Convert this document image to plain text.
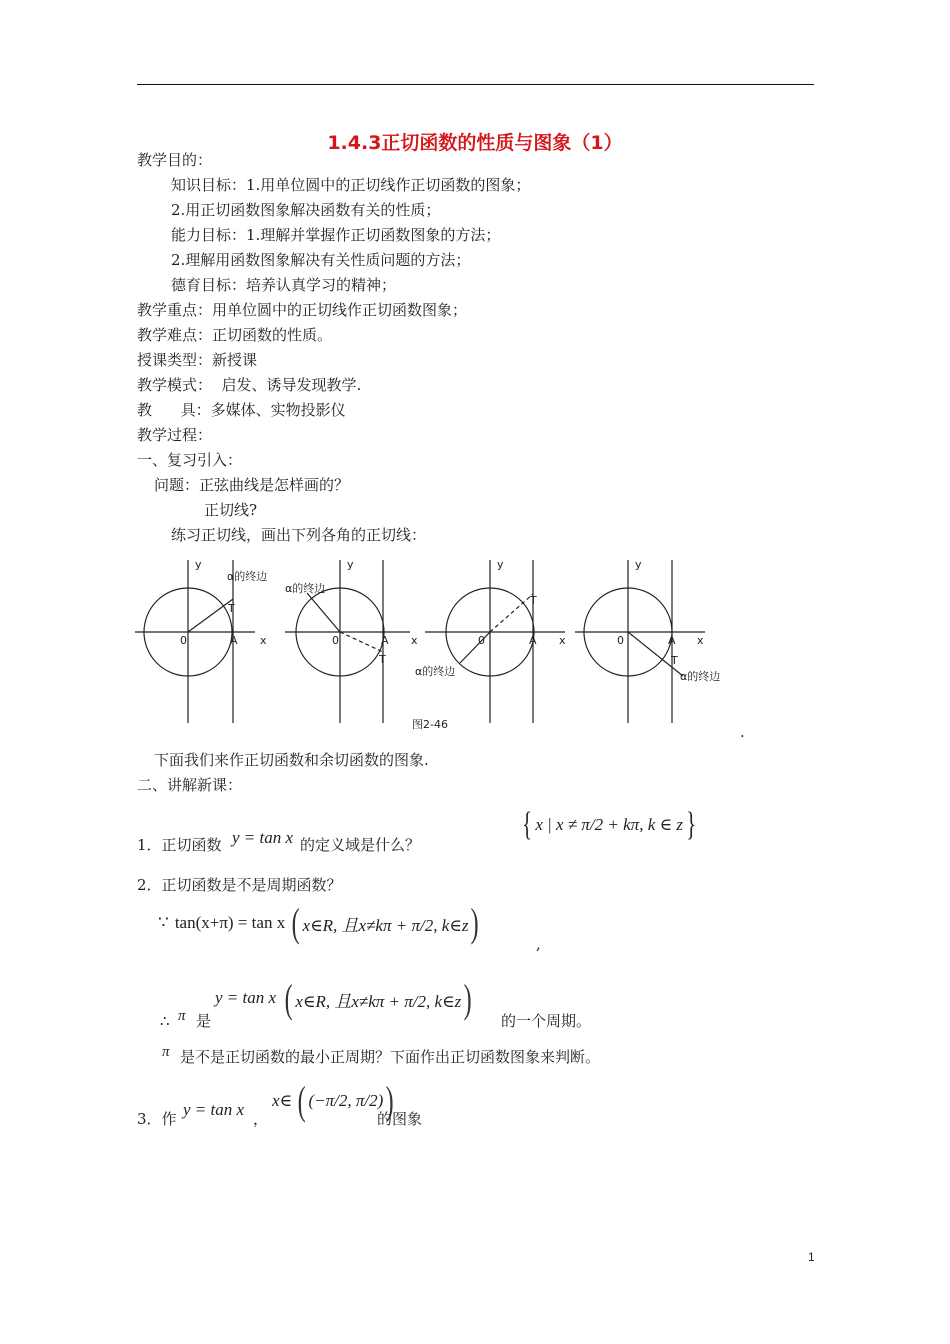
1.4.3正切函数的性质与图象（1）
教学目的：
知识目标：1.用单位圆中的正切线作正切函数的图象；
2.用正切函数图象解决函数有关的性质；
能力目标：1.理解并掌握作正切函数图象的方法；
2.理解用函数图象解决有关性质问题的方法；
德育目标：培养认真学习的精神；
教学重点：用单位圆中的正切线作正切函数图象；
教学难点：正切函数的性质。
授课类型：新授课
教学模式：  启发、诱导发现教学.
教      具：多媒体、实物投影仪
教学过程：
一、复习引入：
问题：正弦曲线是怎样画的？
正切线?
练习正切线，画出下列各角的正切线：
y
α的终边
T
0	A x
y
α的终边
0	A x
T
y
T
0	A x
α的终边
y
0	A x
T
α的终边
图2-46	.
下面我们来作正切函数和余切函数的图象.
二、讲解新课：
1．正切函数 y = tan x 的定义域是什么？
{ x | x ≠ π/2 + kπ, k ∈ z }
2．正切函数是不是周期函数？
∵ tan(x+π) = tan x ( x∈R, 且x≠kπ + π/2, k∈z )	,
y = tan x ( x∈R, 且x≠kπ + π/2, k∈z )
∴ π 是	的一个周期。
π 是不是正切函数的最小正周期？下面作出正切函数图象来判断。
3．作 y = tan x ，
x ∈ ( (−π/2, π/2) )
的图象
1
